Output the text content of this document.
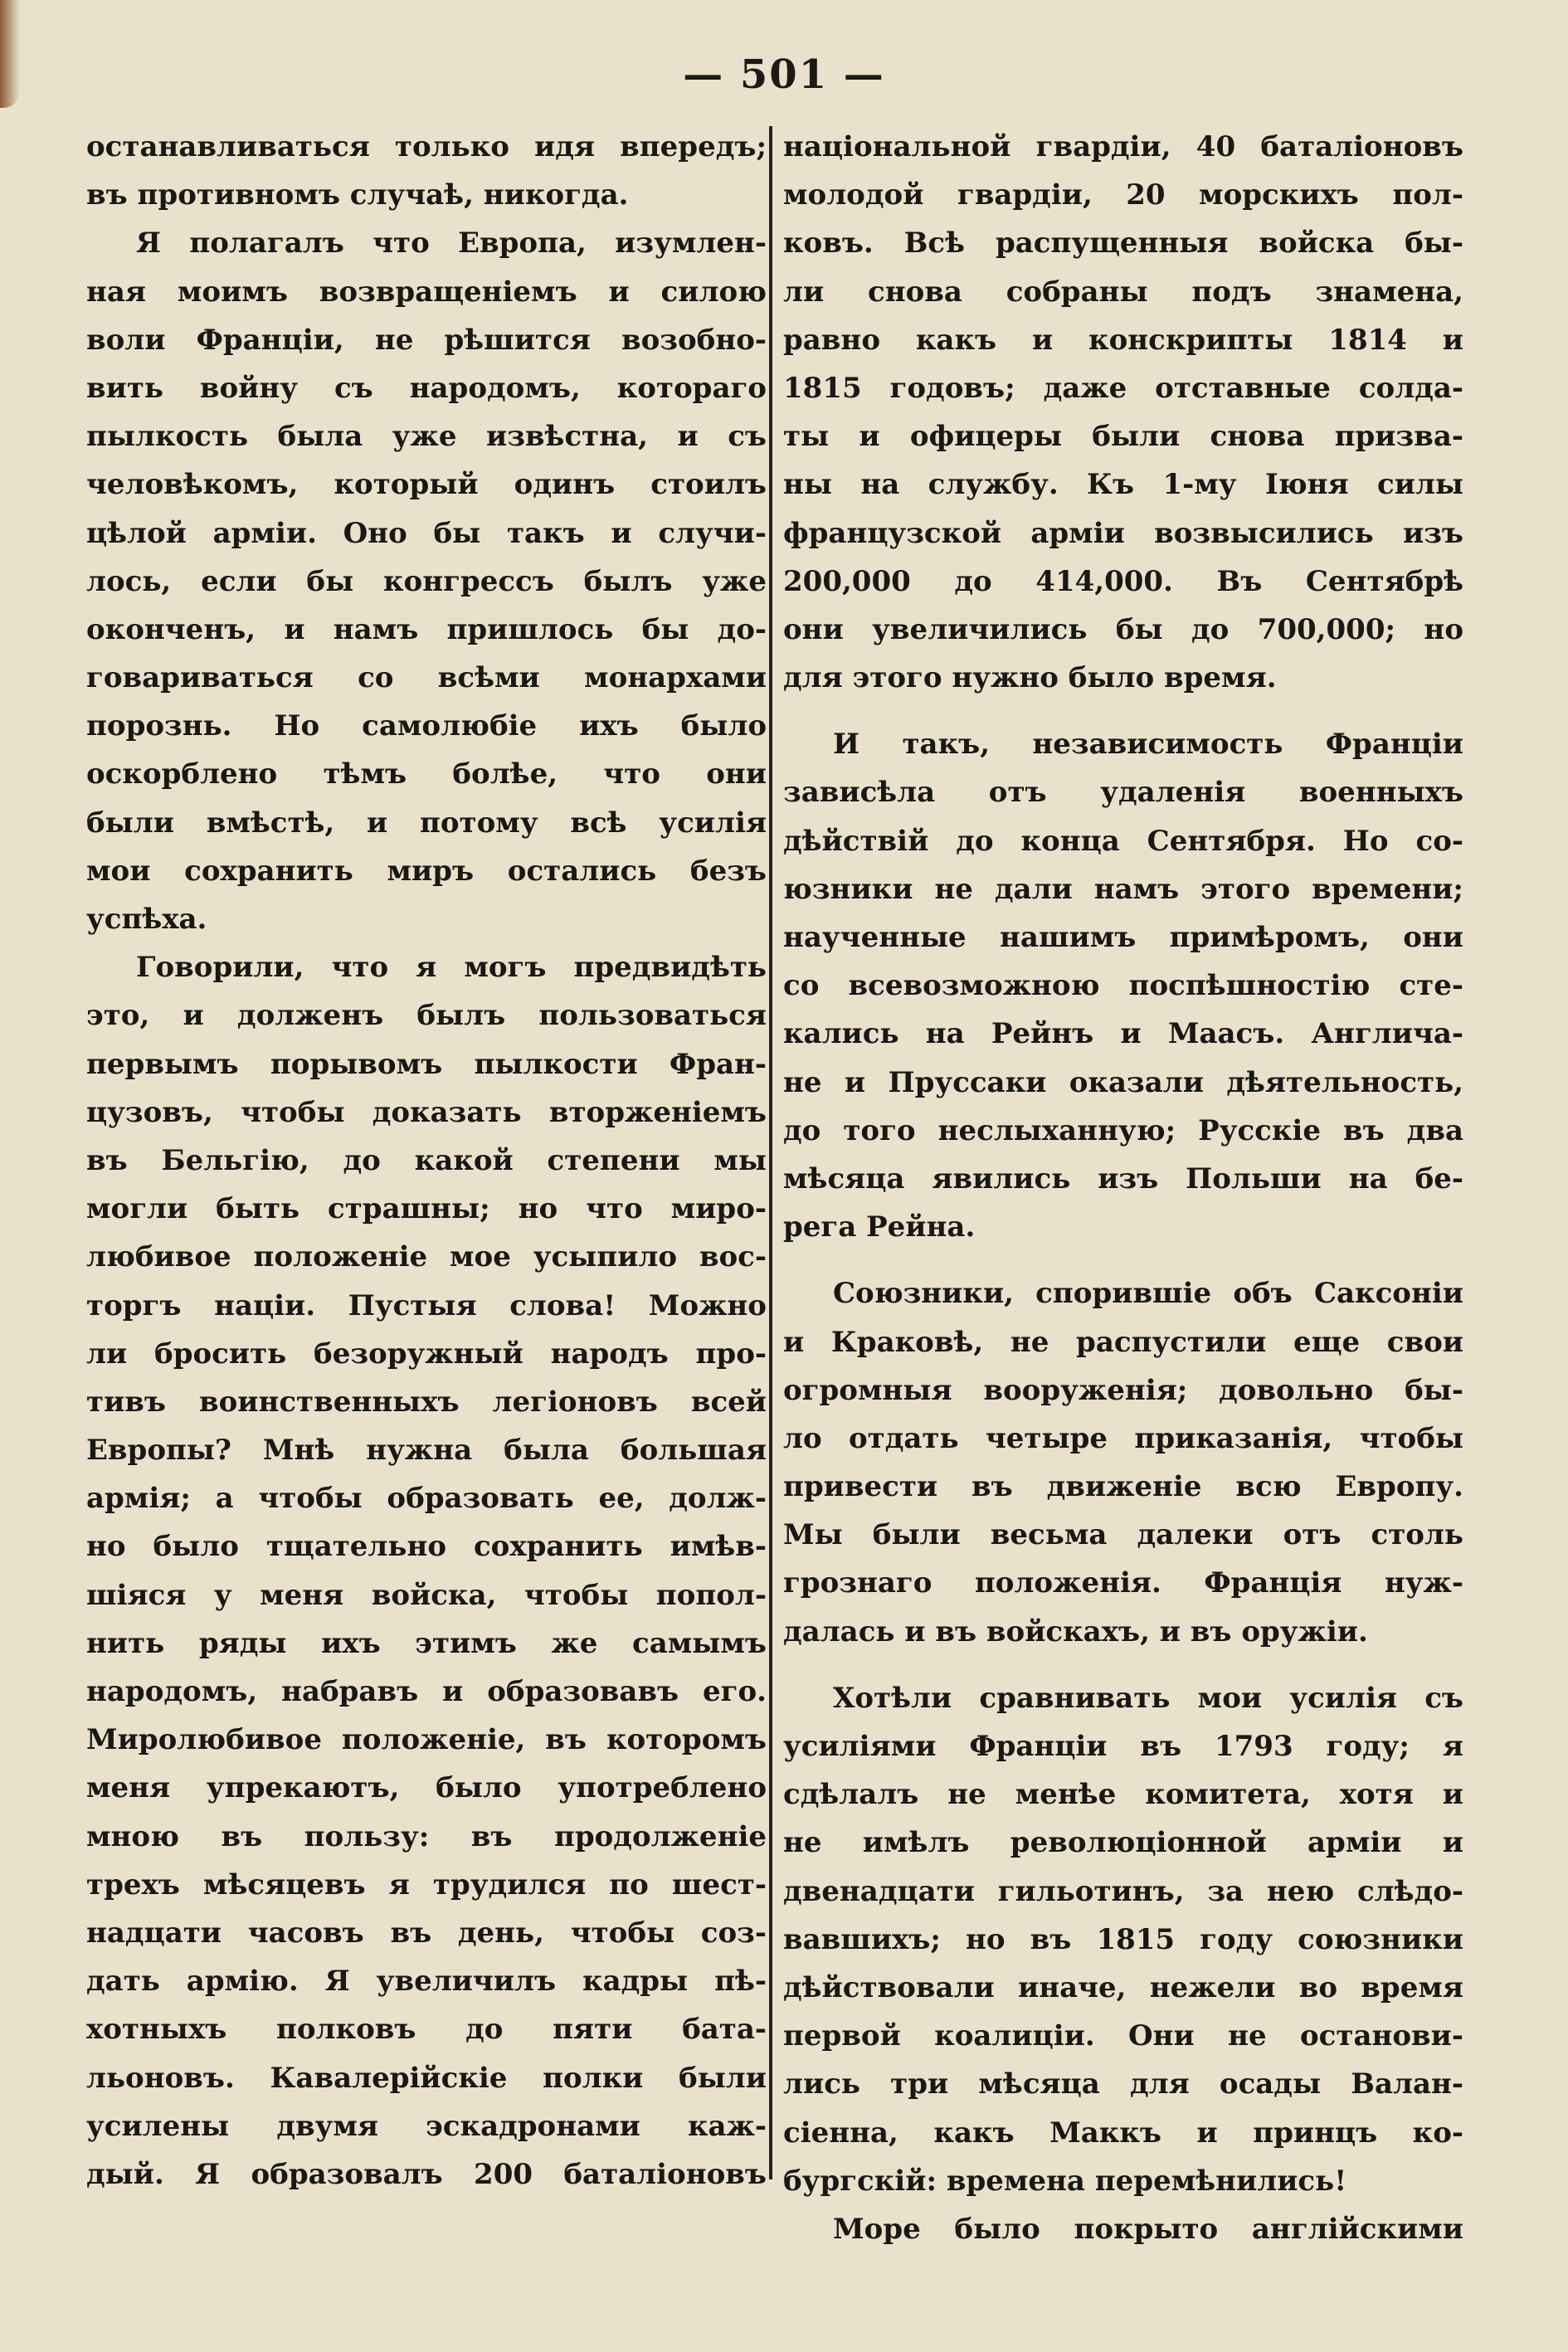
— 501 —
останавливаться только идя впередъ;
въ противномъ случаѣ, никогда.
Я полагалъ что Европа, изумлен-
ная моимъ возвращеніемъ и силою
воли Франціи, не рѣшится возобно-
вить войну съ народомъ, котораго
пылкость была уже извѣстна, и съ
человѣкомъ, который одинъ стоилъ
цѣлой арміи. Оно бы такъ и случи-
лось, если бы конгрессъ былъ уже
оконченъ, и намъ пришлось бы до-
говариваться со всѣми монархами
порознь. Но самолюбіе ихъ было
оскорблено тѣмъ болѣе, что они
были вмѣстѣ, и потому всѣ усилія
мои сохранить миръ остались безъ
успѣха.
Говорили, что я могъ предвидѣть
это, и долженъ былъ пользоваться
первымъ порывомъ пылкости Фран-
цузовъ, чтобы доказать вторженіемъ
въ Бельгію, до какой степени мы
могли быть страшны; но что миро-
любивое положеніе мое усыпило вос-
торгъ націи. Пустыя слова! Можно
ли бросить безоружный народъ про-
тивъ воинственныхъ легіоновъ всей
Европы? Мнѣ нужна была большая
армія; а чтобы образовать ее, долж-
но было тщательно сохранить имѣв-
шіяся у меня войска, чтобы попол-
нить ряды ихъ этимъ же самымъ
народомъ, набравъ и образовавъ его.
Миролюбивое положеніе, въ которомъ
меня упрекаютъ, было употреблено
мною въ пользу: въ продолженіе
трехъ мѣсяцевъ я трудился по шест-
надцати часовъ въ день, чтобы соз-
дать армію. Я увеличилъ кадры пѣ-
хотныхъ полковъ до пяти бата-
льоновъ. Кавалерійскіе полки были
усилены двумя эскадронами каж-
дый. Я образовалъ 200 баталіоновъ
національной гвардіи, 40 баталіоновъ
молодой гвардіи, 20 морскихъ пол-
ковъ. Всѣ распущенныя войска бы-
ли снова собраны подъ знамена,
равно какъ и конскрипты 1814 и
1815 годовъ; даже отставные солда-
ты и офицеры были снова призва-
ны на службу. Къ 1-му Іюня силы
французской арміи возвысились изъ
200,000 до 414,000. Въ Сентябрѣ
они увеличились бы до 700,000; но
для этого нужно было время.
И такъ, независимость Франціи
зависѣла отъ удаленія военныхъ
дѣйствій до конца Сентября. Но со-
юзники не дали намъ этого времени;
наученные нашимъ примѣромъ, они
со всевозможною поспѣшностію сте-
кались на Рейнъ и Маасъ. Англича-
не и Пруссаки оказали дѣятельность,
до того неслыханную; Русскіе въ два
мѣсяца явились изъ Польши на бе-
рега Рейна.
Союзники, спорившіе объ Саксоніи
и Краковѣ, не распустили еще свои
огромныя вооруженія; довольно бы-
ло отдать четыре приказанія, чтобы
привести въ движеніе всю Европу.
Мы были весьма далеки отъ столь
грознаго положенія. Франція нуж-
далась и въ войскахъ, и въ оружіи.
Хотѣли сравнивать мои усилія съ
усиліями Франціи въ 1793 году; я
сдѣлалъ не менѣе комитета, хотя и
не имѣлъ революціонной арміи и
двенадцати гильотинъ, за нею слѣдо-
вавшихъ; но въ 1815 году союзники
дѣйствовали иначе, нежели во время
первой коалиціи. Они не останови-
лись три мѣсяца для осады Валан-
сіенна, какъ Маккъ и принцъ ко-
бургскій: времена перемѣнились!
Море было покрыто англійскими
